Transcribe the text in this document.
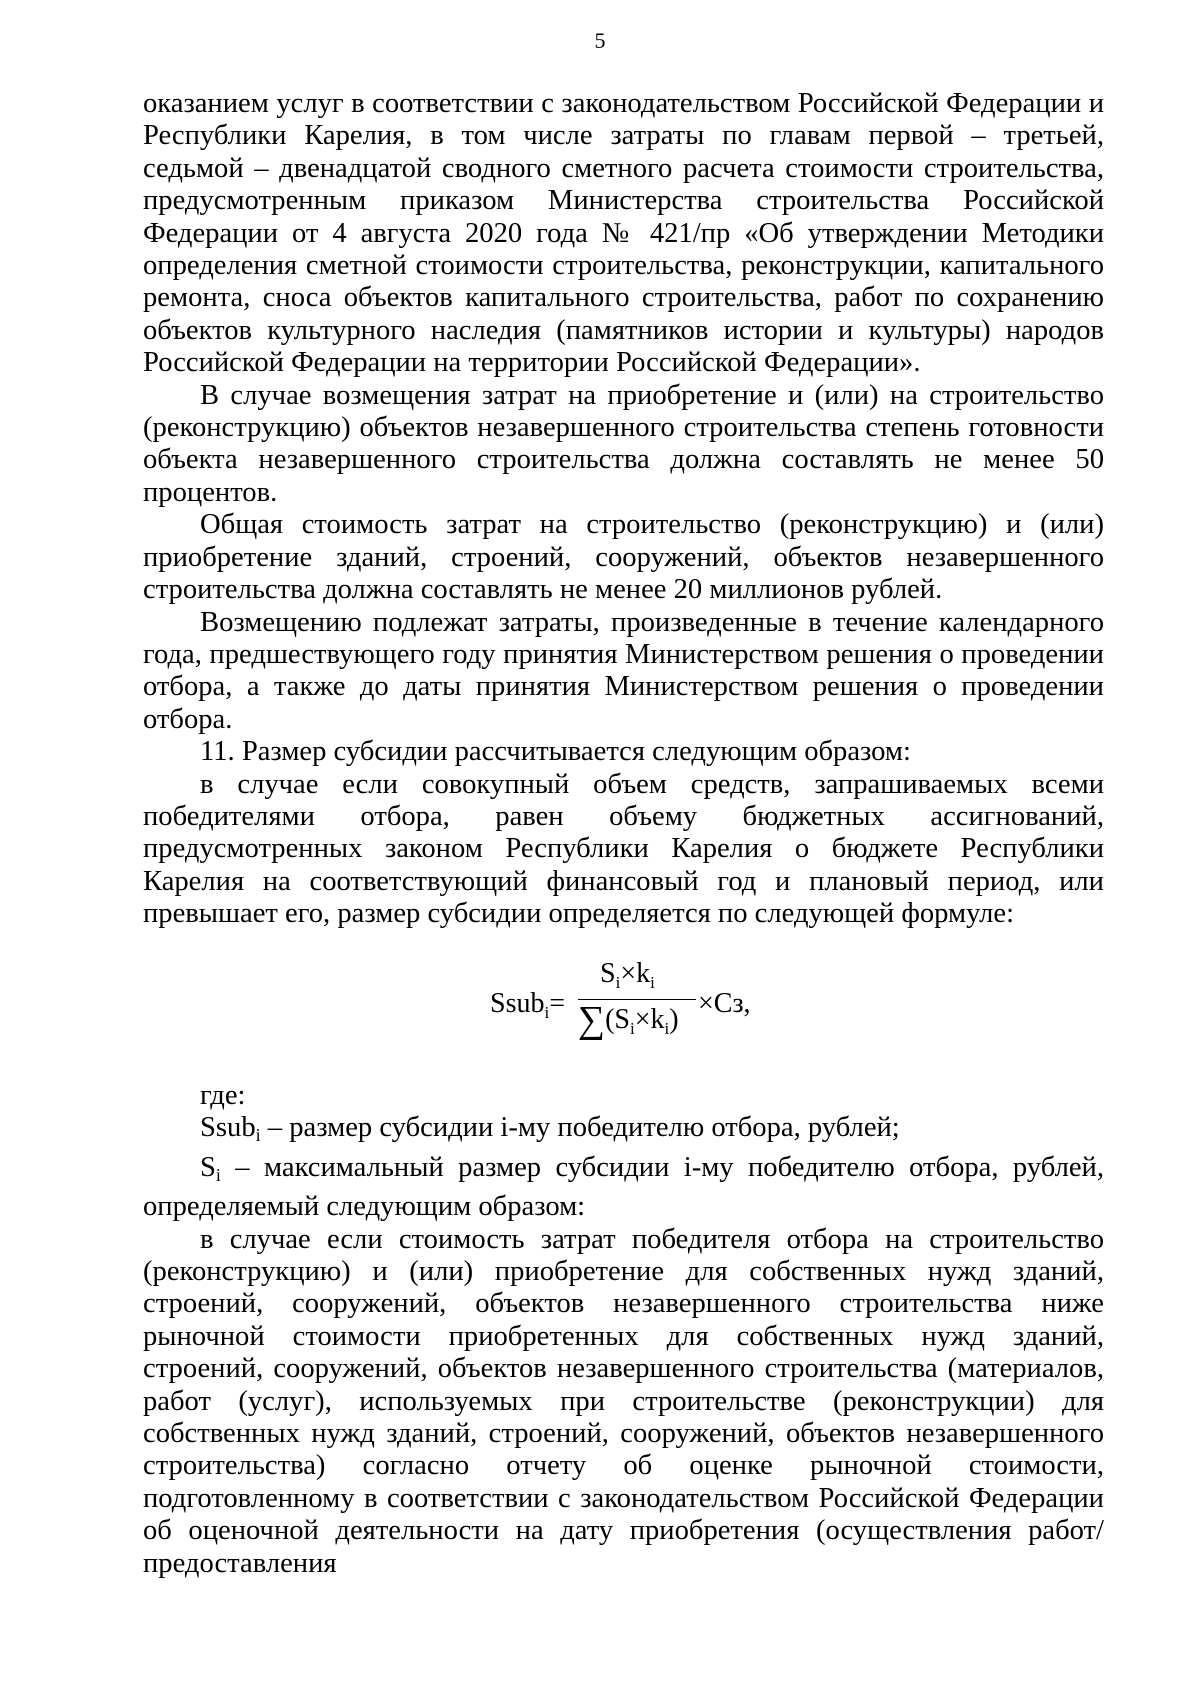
5

оказанием услуг в соответствии с законодательством Российской Федерации и Республики Карелия, в том числе затраты по главам первой – третьей, седьмой – двенадцатой сводного сметного расчета стоимости строительства, предусмотренным приказом Министерства строительства Российской Федерации от 4 августа 2020 года № 421/пр «Об утверждении Методики определения сметной стоимости строительства, реконструкции, капитального ремонта, сноса объектов капитального строительства, работ по сохранению объектов культурного наследия (памятников истории и культуры) народов Российской Федерации на территории Российской Федерации».

В случае возмещения затрат на приобретение и (или) на строительство (реконструкцию) объектов незавершенного строительства степень готовности объекта незавершенного строительства должна составлять не менее 50 процентов.

Общая стоимость затрат на строительство (реконструкцию) и (или) приобретение зданий, строений, сооружений, объектов незавершенного строительства должна составлять не менее 20 миллионов рублей.

Возмещению подлежат затраты, произведенные в течение календарного года, предшествующего году принятия Министерством решения о проведении отбора, а также до даты принятия Министерством решения о проведении отбора.

11. Размер субсидии рассчитывается следующим образом:

в случае если совокупный объем средств, запрашиваемых всеми победителями отбора, равен объему бюджетных ассигнований, предусмотренных законом Республики Карелия о бюджете Республики Карелия на соответствующий финансовый год и плановый период, или превышает его, размер субсидии определяется по следующей формуле:

Ssub$_i$=
$S_i\times k_i$
$\sum(S_i\times k_i)$
×Сз,

где:

Ssubi – размер субсидии i-му победителю отбора, рублей;

Si – максимальный размер субсидии i-му победителю отбора, рублей, определяемый следующим образом:

в случае если стоимость затрат победителя отбора на строительство (реконструкцию) и (или) приобретение для собственных нужд зданий, строений, сооружений, объектов незавершенного строительства ниже рыночной стоимости приобретенных для собственных нужд зданий, строений, сооружений, объектов незавершенного строительства (материалов, работ (услуг), используемых при строительстве (реконструкции) для собственных нужд зданий, строений, сооружений, объектов незавершенного строительства) согласно отчету об оценке рыночной стоимости, подготовленному в соответствии с законодательством Российской Федерации об оценочной деятельности на дату приобретения (осуществления работ/предоставления
